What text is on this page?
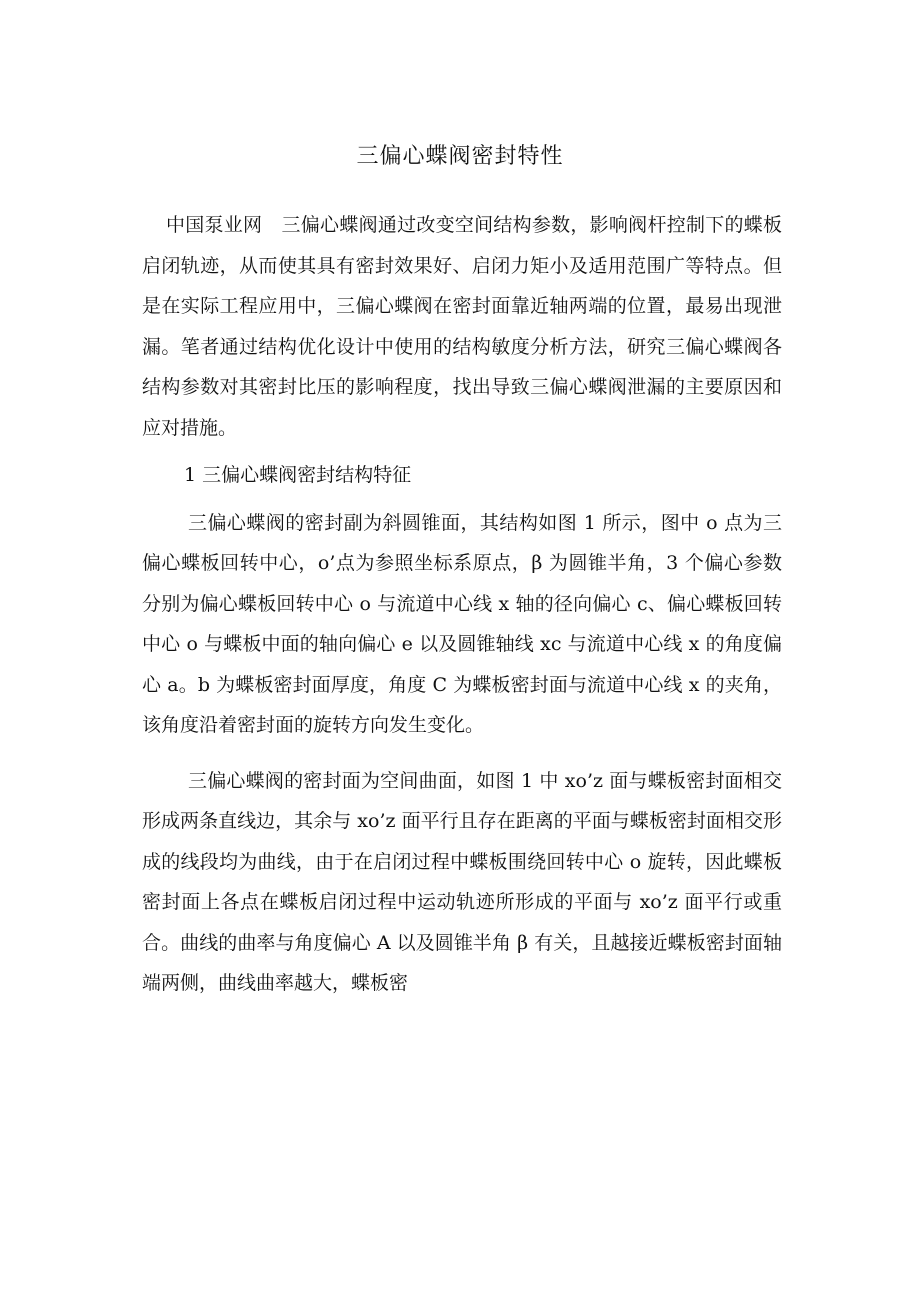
三偏心蝶阀密封特性

中国泵业网　三偏心蝶阀通过改变空间结构参数，影响阀杆控制下的蝶板启闭轨迹，从而使其具有密封效果好、启闭力矩小及适用范围广等特点。但是在实际工程应用中，三偏心蝶阀在密封面靠近轴两端的位置，最易出现泄漏。笔者通过结构优化设计中使用的结构敏度分析方法，研究三偏心蝶阀各结构参数对其密封比压的影响程度，找出导致三偏心蝶阀泄漏的主要原因和应对措施。

1 三偏心蝶阀密封结构特征

三偏心蝶阀的密封副为斜圆锥面，其结构如图 1 所示，图中 o 点为三偏心蝶板回转中心，o’点为参照坐标系原点，β 为圆锥半角，3 个偏心参数分别为偏心蝶板回转中心 o 与流道中心线 x 轴的径向偏心 c、偏心蝶板回转中心 o 与蝶板中面的轴向偏心 e 以及圆锥轴线 xc 与流道中心线 x 的角度偏心 a。b 为蝶板密封面厚度，角度 C 为蝶板密封面与流道中心线 x 的夹角，该角度沿着密封面的旋转方向发生变化。

三偏心蝶阀的密封面为空间曲面，如图 1 中 xo’z 面与蝶板密封面相交形成两条直线边，其余与 xo’z 面平行且存在距离的平面与蝶板密封面相交形成的线段均为曲线，由于在启闭过程中蝶板围绕回转中心 o 旋转，因此蝶板密封面上各点在蝶板启闭过程中运动轨迹所形成的平面与 xo’z 面平行或重合。曲线的曲率与角度偏心 A 以及圆锥半角 β 有关，且越接近蝶板密封面轴端两侧，曲线曲率越大，蝶板密
